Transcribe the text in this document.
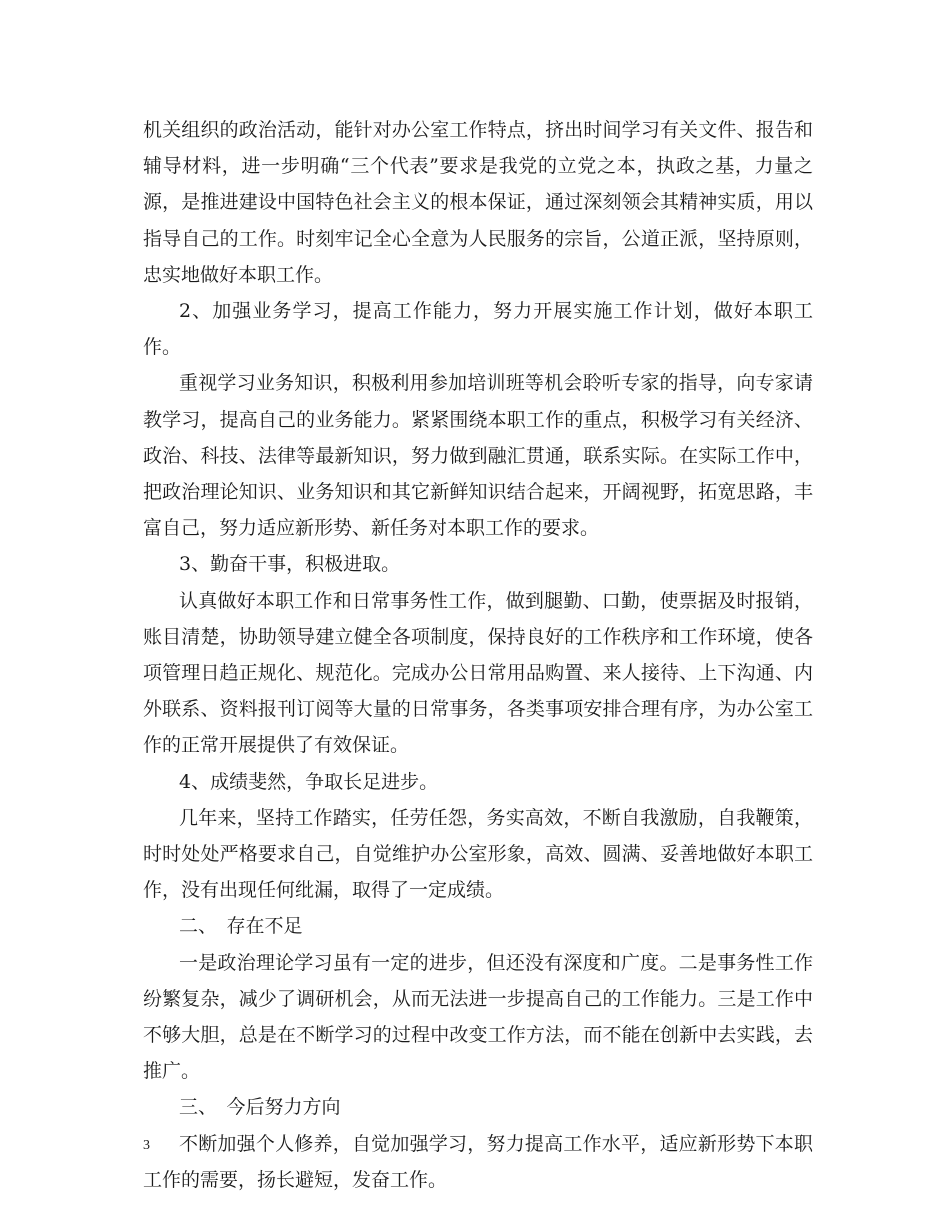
机关组织的政治活动，能针对办公室工作特点，挤出时间学习有关文件、报告和辅导材料，进一步明确“三个代表”要求是我党的立党之本，执政之基，力量之源，是推进建设中国特色社会主义的根本保证，通过深刻领会其精神实质，用以指导自己的工作。时刻牢记全心全意为人民服务的宗旨，公道正派，坚持原则，忠实地做好本职工作。

2、加强业务学习，提高工作能力，努力开展实施工作计划，做好本职工作。

重视学习业务知识，积极利用参加培训班等机会聆听专家的指导，向专家请教学习，提高自己的业务能力。紧紧围绕本职工作的重点，积极学习有关经济、政治、科技、法律等最新知识，努力做到融汇贯通，联系实际。在实际工作中，把政治理论知识、业务知识和其它新鲜知识结合起来，开阔视野，拓宽思路，丰富自己，努力适应新形势、新任务对本职工作的要求。

3、勤奋干事，积极进取。

认真做好本职工作和日常事务性工作，做到腿勤、口勤，使票据及时报销，账目清楚，协助领导建立健全各项制度，保持良好的工作秩序和工作环境，使各项管理日趋正规化、规范化。完成办公日常用品购置、来人接待、上下沟通、内外联系、资料报刊订阅等大量的日常事务，各类事项安排合理有序，为办公室工作的正常开展提供了有效保证。

4、成绩斐然，争取长足进步。

几年来，坚持工作踏实，任劳任怨，务实高效，不断自我激励，自我鞭策，时时处处严格要求自己，自觉维护办公室形象，高效、圆满、妥善地做好本职工作，没有出现任何纰漏，取得了一定成绩。

二、　存在不足

一是政治理论学习虽有一定的进步，但还没有深度和广度。二是事务性工作纷繁复杂，减少了调研机会，从而无法进一步提高自己的工作能力。三是工作中不够大胆，总是在不断学习的过程中改变工作方法，而不能在创新中去实践，去推广。

三、　今后努力方向

不断加强个人修养，自觉加强学习，努力提高工作水平，适应新形势下本职工作的需要，扬长避短，发奋工作。

3
